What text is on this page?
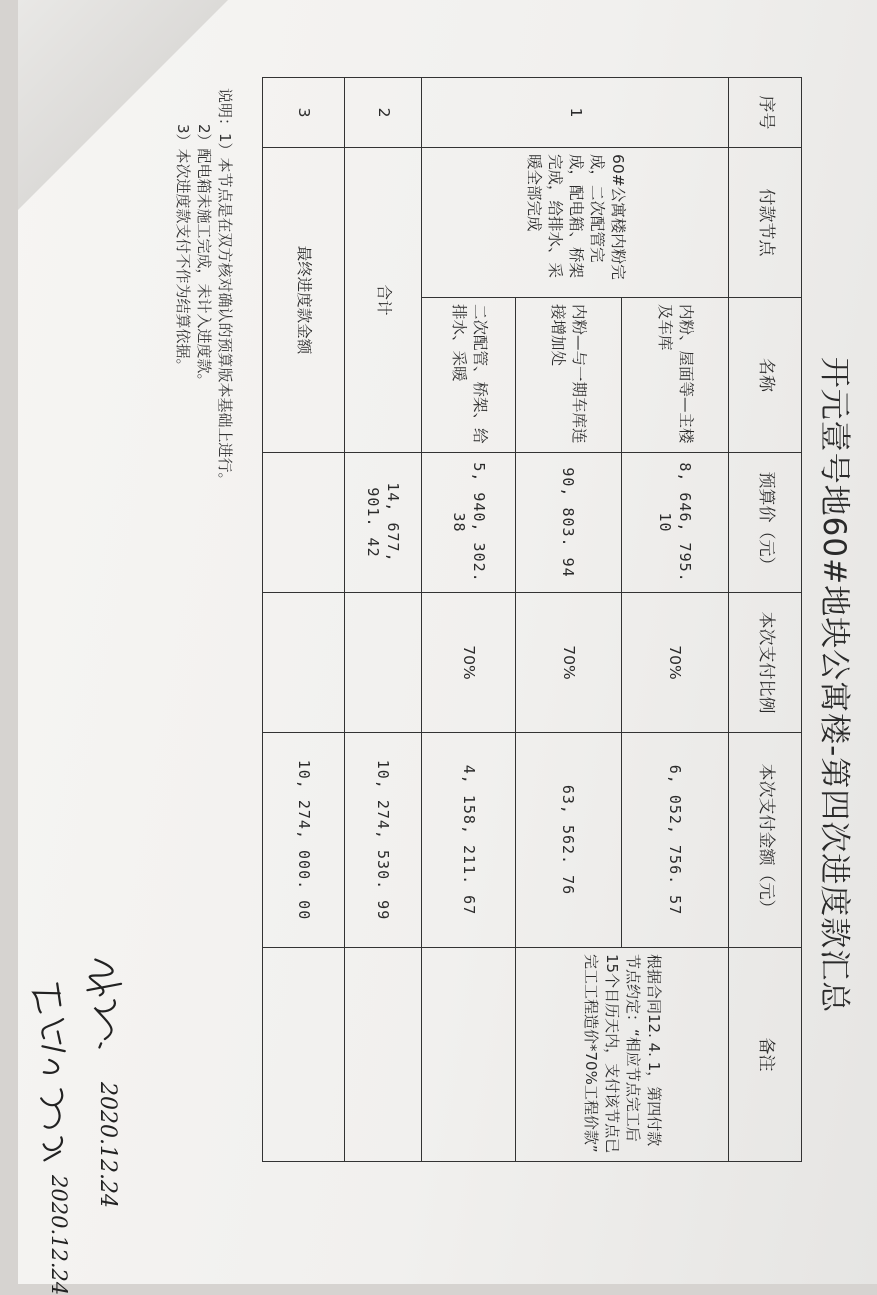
开元壹号地60#地块公寓楼-第四次进度款汇总
序号	付款节点	名称	预算价（元）	本次支付比例	本次支付金额（元）	备注
1	60#公寓楼内粉完成，二次配管完成，配电箱、桥架完成，给排水、采暖全部完成	内粉、屋面等—主楼及车库	8, 646, 795. 10	70%	6, 052, 756. 57	根据合同12. 4. 1，第四付款节点约定：“相应节点完工后15个日历天内，支付该节点已完工工程造价*70%工程价款”
		内粉—与一期车库连接增加处	90, 803. 94	70%	63, 562. 76	
		二次配管、桥架、给排水、采暖	5, 940, 302. 38	70%	4, 158, 211. 67	
2	合计		14, 677, 901. 42		10, 274, 530. 99	
3	最终进度款金额				10, 274, 000. 00	

说明：1）本节点是在双方核对确认的预算版本基础上进行。

2）配电箱未施工完成，未计入进度款。

3）本次进度款支付不作为结算依据。

2020.12.24
2020.12.24
